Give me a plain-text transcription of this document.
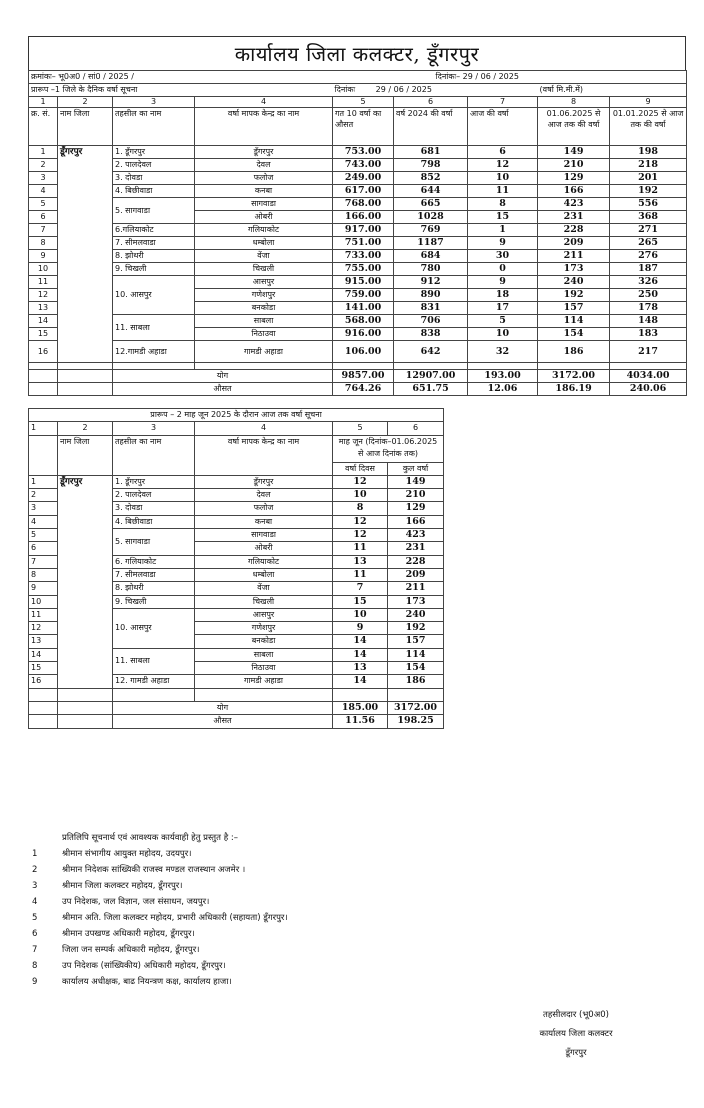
कार्यालय जिला कलक्टर, डूँगरपुर
क्रमांकः– भू0अ0 / सां0 / 2025 /					दिनांकः– 29 / 06 / 2025			
प्रारूप –1 जिले के दैनिक वर्षा सूचना				दिनांकः 29 / 06 / 2025			(वर्षा मि.मी.में)	
1	2	3	4	5	6	7	8	9
क्र. सं.	नाम जिला	तहसील का नाम	वर्षा मापक केन्द्र का नाम	गत 10 वर्षा का औसत	वर्ष 2024 की वर्षा	आज की वर्षा	01.06.2025 से आज तक की वर्षा	01.01.2025 से आज तक की वर्षा
1	डूँगरपुर	1. डूँगरपुर	डूँगरपुर	753.00	681	6	149	198
2		2. पालदेवल	देवल	743.00	798	12	210	218
3		3. दोवडा	फलोज	249.00	852	10	129	201
4		4. बिछीवाडा	कनबा	617.00	644	11	166	192
5		5. सागवाडा	सागवाडा	768.00	665	8	423	556
6			ओबरी	166.00	1028	15	231	368
7		6.गलियाकोट	गलियाकोट	917.00	769	1	228	271
8		7. सीमलवाडा	धम्बोला	751.00	1187	9	209	265
9		8. झोथरी	वेंजा	733.00	684	30	211	276
10		9. चिखली	चिखली	755.00	780	0	173	187
11		10. आसपुर	आसपुर	915.00	912	9	240	326
12			गणेशपुर	759.00	890	18	192	250
13			बनकोडा	141.00	831	17	157	178
14		11. साबला	साबला	568.00	706	5	114	148
15			निठाउवा	916.00	838	10	154	183
16		12.गामडी अहाडा	गामडी अहाडा	106.00	642	32	186	217

		योग		9857.00	12907.00	193.00	3172.00	4034.00
		औसत		764.26	651.75	12.06	186.19	240.06
प्रारूप – 2 माह जून 2025 के दौरान आज तक वर्षा सूचना					
1	2	3	4	5	6
	नाम जिला	तहसील का नाम	वर्षा मापक केन्द्र का नाम	माह जून (दिनांक–01.06.2025 से आज दिनांक तक)	
				वर्षा दिवस	कुल वर्षा
1	डूँगरपुर	1. डूँगरपुर	डूँगरपुर	12	149
2		2. पालदेवल	देवल	10	210
3		3. दोवडा	फलोज	8	129
4		4. बिछीवाडा	कनबा	12	166
5		5. सागवाडा	सागवाडा	12	423
6			ओबरी	11	231
7		6. गलियाकोट	गलियाकोट	13	228
8		7. सीमलवाडा	धम्बोला	11	209
9		8. झोथरी	वेंजा	7	211
10		9. चिखली	चिखली	15	173
11		10. आसपुर	आसपुर	10	240
12			गणेशपुर	9	192
13			बनकोडा	14	157
14		11. साबला	साबला	14	114
15			निठाउवा	13	154
16		12. गामडी अहाडा	गामडी अहाडा	14	186

		योग		185.00	3172.00
		औसत		11.56	198.25
प्रतिलिपि सूचनार्थ एवं आवश्यक कार्यवाही हेतु प्रस्तुत है :–
1	श्रीमान संभागीय आयुक्त महोदय, उदयपुर।
2	श्रीमान निदेशक सांख्यिकी राजस्व मण्डल राजस्थान अजमेर ।
3	श्रीमान जिला कलक्टर महोदय, डूँगरपुर।
4	उप निदेशक, जल विज्ञान, जल संसाधन, जयपुर।
5	श्रीमान अति. जिला कलक्टर महोदय, प्रभारी अधिकारी (सहायता) डूँगरपुर।
6	श्रीमान उपखण्ड अधिकारी महोदय, डूँगरपुर।
7	जिला जन सम्पर्क अधिकारी महोदय, डूँगरपुर।
8	उप निदेशक (सांख्यिकीय) अधिकारी महोदय, डूँगरपुर।
9	कार्यालय अधीक्षक, बाढ नियन्त्रण कक्ष, कार्यालय हाजा।
तहसीलदार (भू0अ0)
कार्यालय जिला कलक्टर
डूँगरपुर
